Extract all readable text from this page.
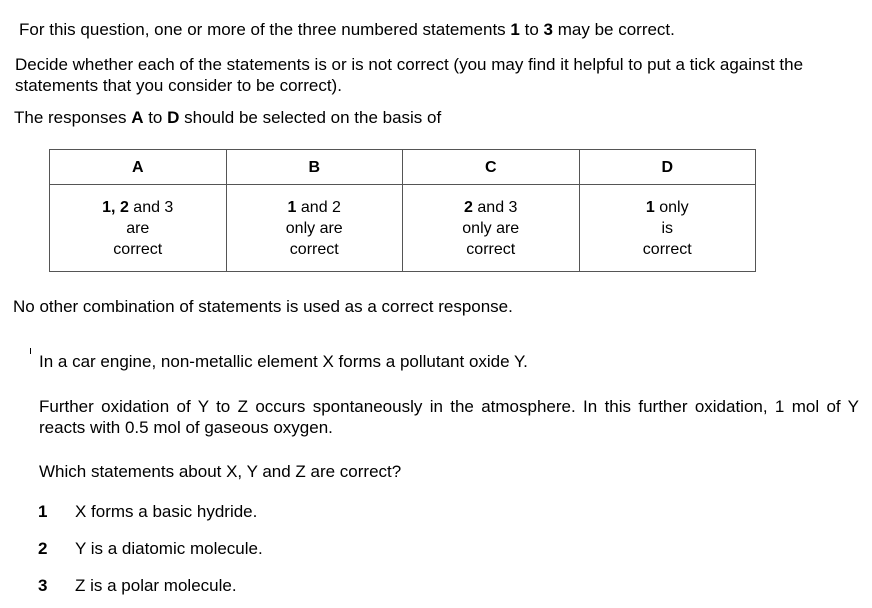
For this question, one or more of the three numbered statements 1 to 3 may be correct.

Decide whether each of the statements is or is not correct (you may find it helpful to put a tick against the statements that you consider to be correct).

The responses A to D should be selected on the basis of

A	B	C	D

1, 2 and 3
are
correct	1 and 2
only are
correct	2 and 3
only are
correct	1 only
is
correct

No other combination of statements is used as a correct response.

In a car engine, non-metallic element X forms a pollutant oxide Y.

Further oxidation of Y to Z occurs spontaneously in the atmosphere. In this further oxidation, 1 mol of Y reacts with 0.5 mol of gaseous oxygen.

Which statements about X, Y and Z are correct?

1 X forms a basic hydride.
2 Y is a diatomic molecule.
3 Z is a polar molecule.
